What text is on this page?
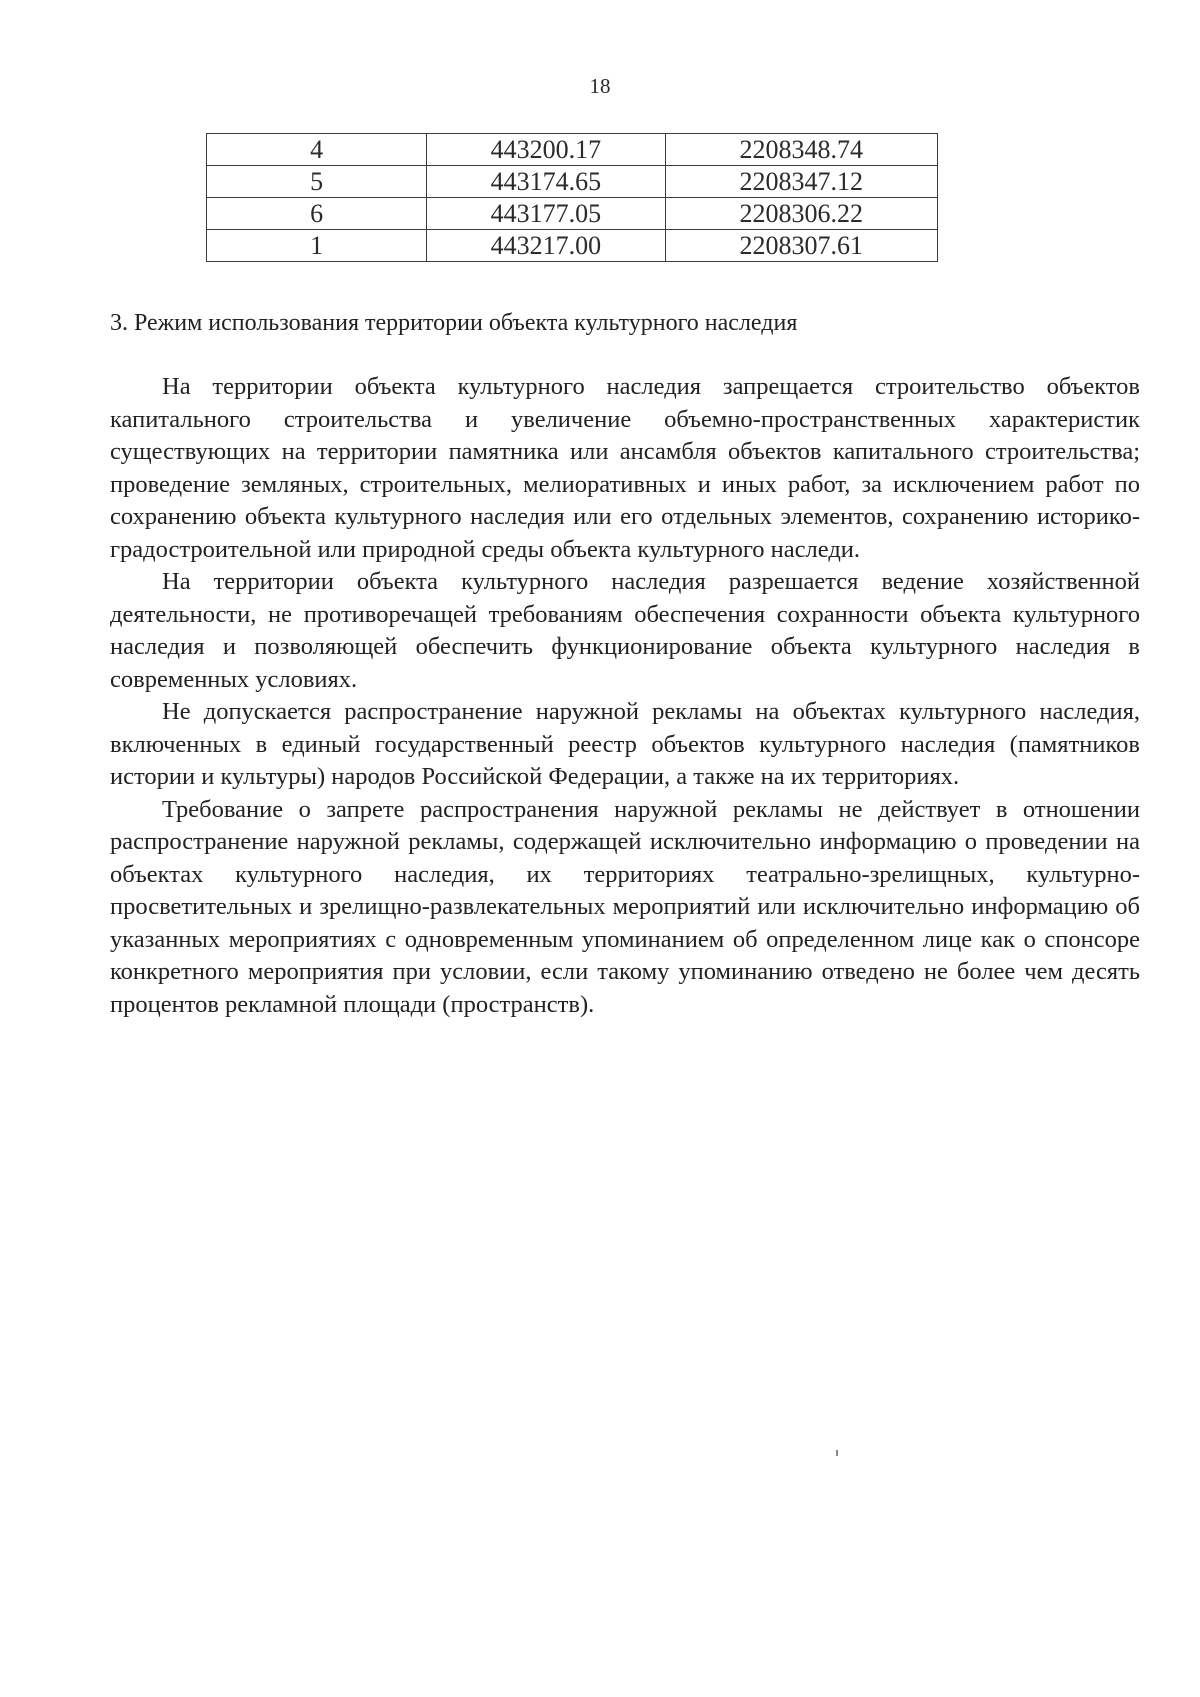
18
4	443200.17	2208348.74
5	443174.65	2208347.12
6	443177.05	2208306.22
1	443217.00	2208307.61
3. Режим использования территории объекта культурного наследия

На территории объекта культурного наследия запрещается строительство объектов капитального строительства и увеличение объемно-пространственных характеристик существующих на территории памятника или ансамбля объектов капитального строительства; проведение земляных, строительных, мелиоративных и иных работ, за исключением работ по сохранению объекта культурного наследия или его отдельных элементов, сохранению историко-градостроительной или природной среды объекта культурного наследи.

На территории объекта культурного наследия разрешается ведение хозяйственной деятельности, не противоречащей требованиям обеспечения сохранности объекта культурного наследия и позволяющей обеспечить функционирование объекта культурного наследия в современных условиях.

Не допускается распространение наружной рекламы на объектах культурного наследия, включенных в единый государственный реестр объектов культурного наследия (памятников истории и культуры) народов Российской Федерации, а также на их территориях.

Требование о запрете распространения наружной рекламы не действует в отношении распространение наружной рекламы, содержащей исключительно информацию о проведении на объектах культурного наследия, их территориях театрально-зрелищных, культурно-просветительных и зрелищно-развлекательных мероприятий или исключительно информацию об указанных мероприятиях с одновременным упоминанием об определенном лице как о спонсоре конкретного мероприятия при условии, если такому упоминанию отведено не более чем десять процентов рекламной площади (пространств).
